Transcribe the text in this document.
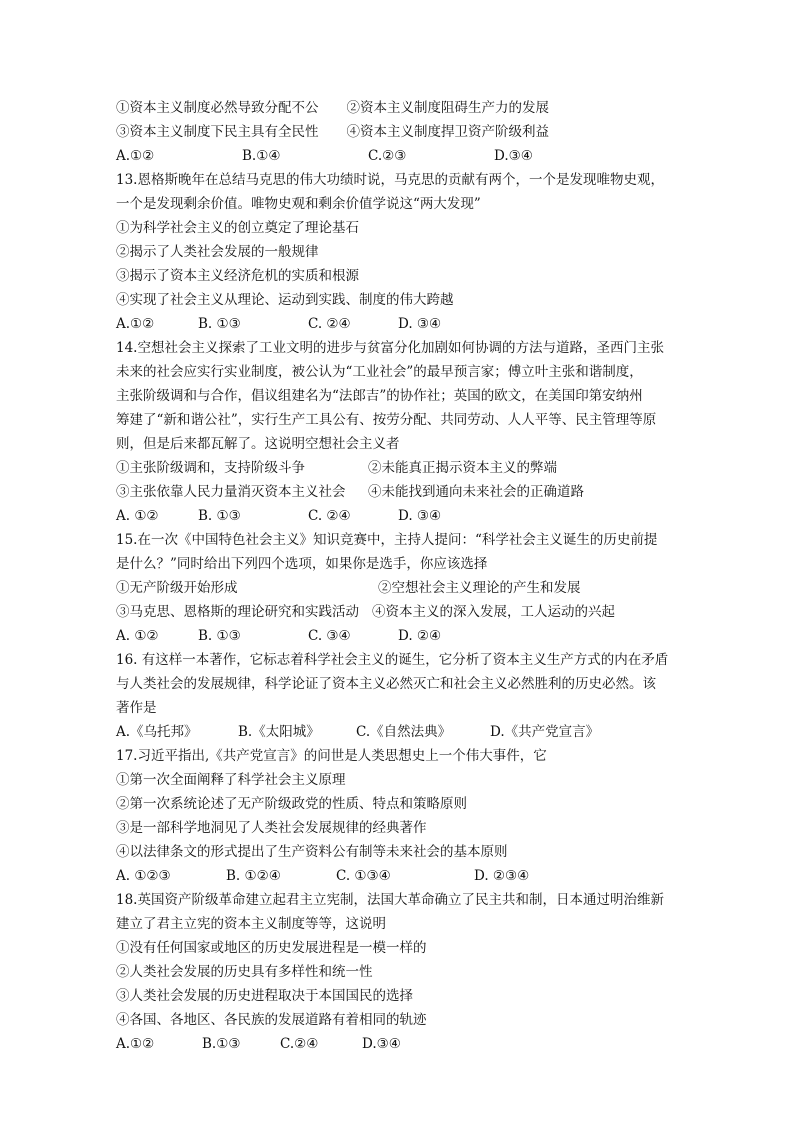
①资本主义制度必然导致分配不公 ②资本主义制度阻碍生产力的发展
③资本主义制度下民主具有全民性 ④资本主义制度捍卫资产阶级利益
A.①②	B.①④	C.②③	D.③④
13.恩格斯晚年在总结马克思的伟大功绩时说，马克思的贡献有两个，一个是发现唯物史观，
一个是发现剩余价值。唯物史观和剩余价值学说这“两大发现”
①为科学社会主义的创立奠定了理论基石
②揭示了人类社会发展的一般规律
③揭示了资本主义经济危机的实质和根源
④实现了社会主义从理论、运动到实践、制度的伟大跨越
A.①②	B. ①③	C. ②④	D. ③④
14.空想社会主义探索了工业文明的进步与贫富分化加剧如何协调的方法与道路，圣西门主张
未来的社会应实行实业制度，被公认为“工业社会”的最早预言家；傅立叶主张和谐制度，
主张阶级调和与合作，倡议组建名为“法郎吉”的协作社；英国的欧文，在美国印第安纳州
筹建了“新和谐公社”，实行生产工具公有、按劳分配、共同劳动、人人平等、民主管理等原
则，但是后来都瓦解了。这说明空想社会主义者
①主张阶级调和，支持阶级斗争	②未能真正揭示资本主义的弊端
③主张依靠人民力量消灭资本主义社会	④未能找到通向未来社会的正确道路
A. ①②	B. ①③	C. ②④	D. ③④
15.在一次《中国特色社会主义》知识竞赛中，主持人提问：“科学社会主义诞生的历史前提
是什么？”同时给出下列四个选项，如果你是选手，你应该选择
①无产阶级开始形成	②空想社会主义理论的产生和发展
③马克思、恩格斯的理论研究和实践活动 ④资本主义的深入发展，工人运动的兴起
A. ①②	B. ①③	C. ③④	D. ②④
16. 有这样一本著作，它标志着科学社会主义的诞生，它分析了资本主义生产方式的内在矛盾
与人类社会的发展规律，科学论证了资本主义必然灭亡和社会主义必然胜利的历史必然。该
著作是
A.《乌托邦》	B.《太阳城》	C.《自然法典》	D.《共产党宣言》
17.习近平指出,《共产党宣言》的问世是人类思想史上一个伟大事件，它
①第一次全面阐释了科学社会主义原理
②第一次系统论述了无产阶级政党的性质、特点和策略原则
③是一部科学地洞见了人类社会发展规律的经典著作
④以法律条文的形式提出了生产资料公有制等未来社会的基本原则
A. ①②③	B. ①②④	C. ①③④	D. ②③④
18.英国资产阶级革命建立起君主立宪制，法国大革命确立了民主共和制，日本通过明治维新
建立了君主立宪的资本主义制度等等，这说明
①没有任何国家或地区的历史发展进程是一模一样的
②人类社会发展的历史具有多样性和统一性
③人类社会发展的历史进程取决于本国国民的选择
④各国、各地区、各民族的发展道路有着相同的轨迹
A.①②	B.①③	C.②④	D.③④
